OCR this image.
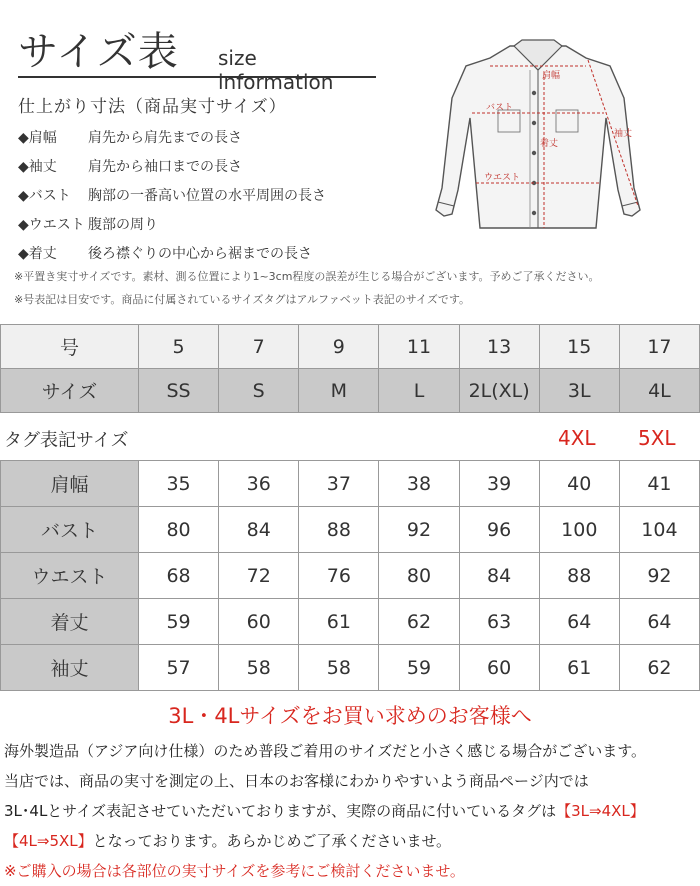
サイズ表 size information
仕上がり寸法（商品実寸サイズ）
◆肩幅	肩先から肩先までの長さ
◆袖丈	肩先から袖口までの長さ
◆バスト	胸部の一番高い位置の水平周囲の長さ
◆ウエスト 腹部の周り
◆着丈	後ろ襟ぐりの中心から裾までの長さ
※平置き実寸サイズです。素材、測る位置により1~3cm程度の誤差が生じる場合がございます。予めご了承ください。
※号表記は目安です。商品に付属されているサイズタグはアルファベット表記のサイズです。
肩幅
バスト
着丈
袖丈
ウエスト
号	5	7	9	11	13	15	17
サイズ	SS	S	M	L	2L(XL)	3L	4L
タグ表記サイズ	4XL 5XL
肩幅	35	36	37	38	39	40	41
バスト	80	84	88	92	96	100	104
ウエスト	68	72	76	80	84	88	92
着丈	59	60	61	62	63	64	64
袖丈	57	58	58	59	60	61	62
3L・4Lサイズをお買い求めのお客様へ
海外製造品（アジア向け仕様）のため普段ご着用のサイズだと小さく感じる場合がございます。
当店では、商品の実寸を測定の上、日本のお客様にわかりやすいよう商品ページ内では
3L･4Lとサイズ表記させていただいておりますが、実際の商品に付いているタグは【3L⇒4XL】
【4L⇒5XL】となっております。あらかじめご了承くださいませ。
※ご購入の場合は各部位の実寸サイズを参考にご検討くださいませ。
